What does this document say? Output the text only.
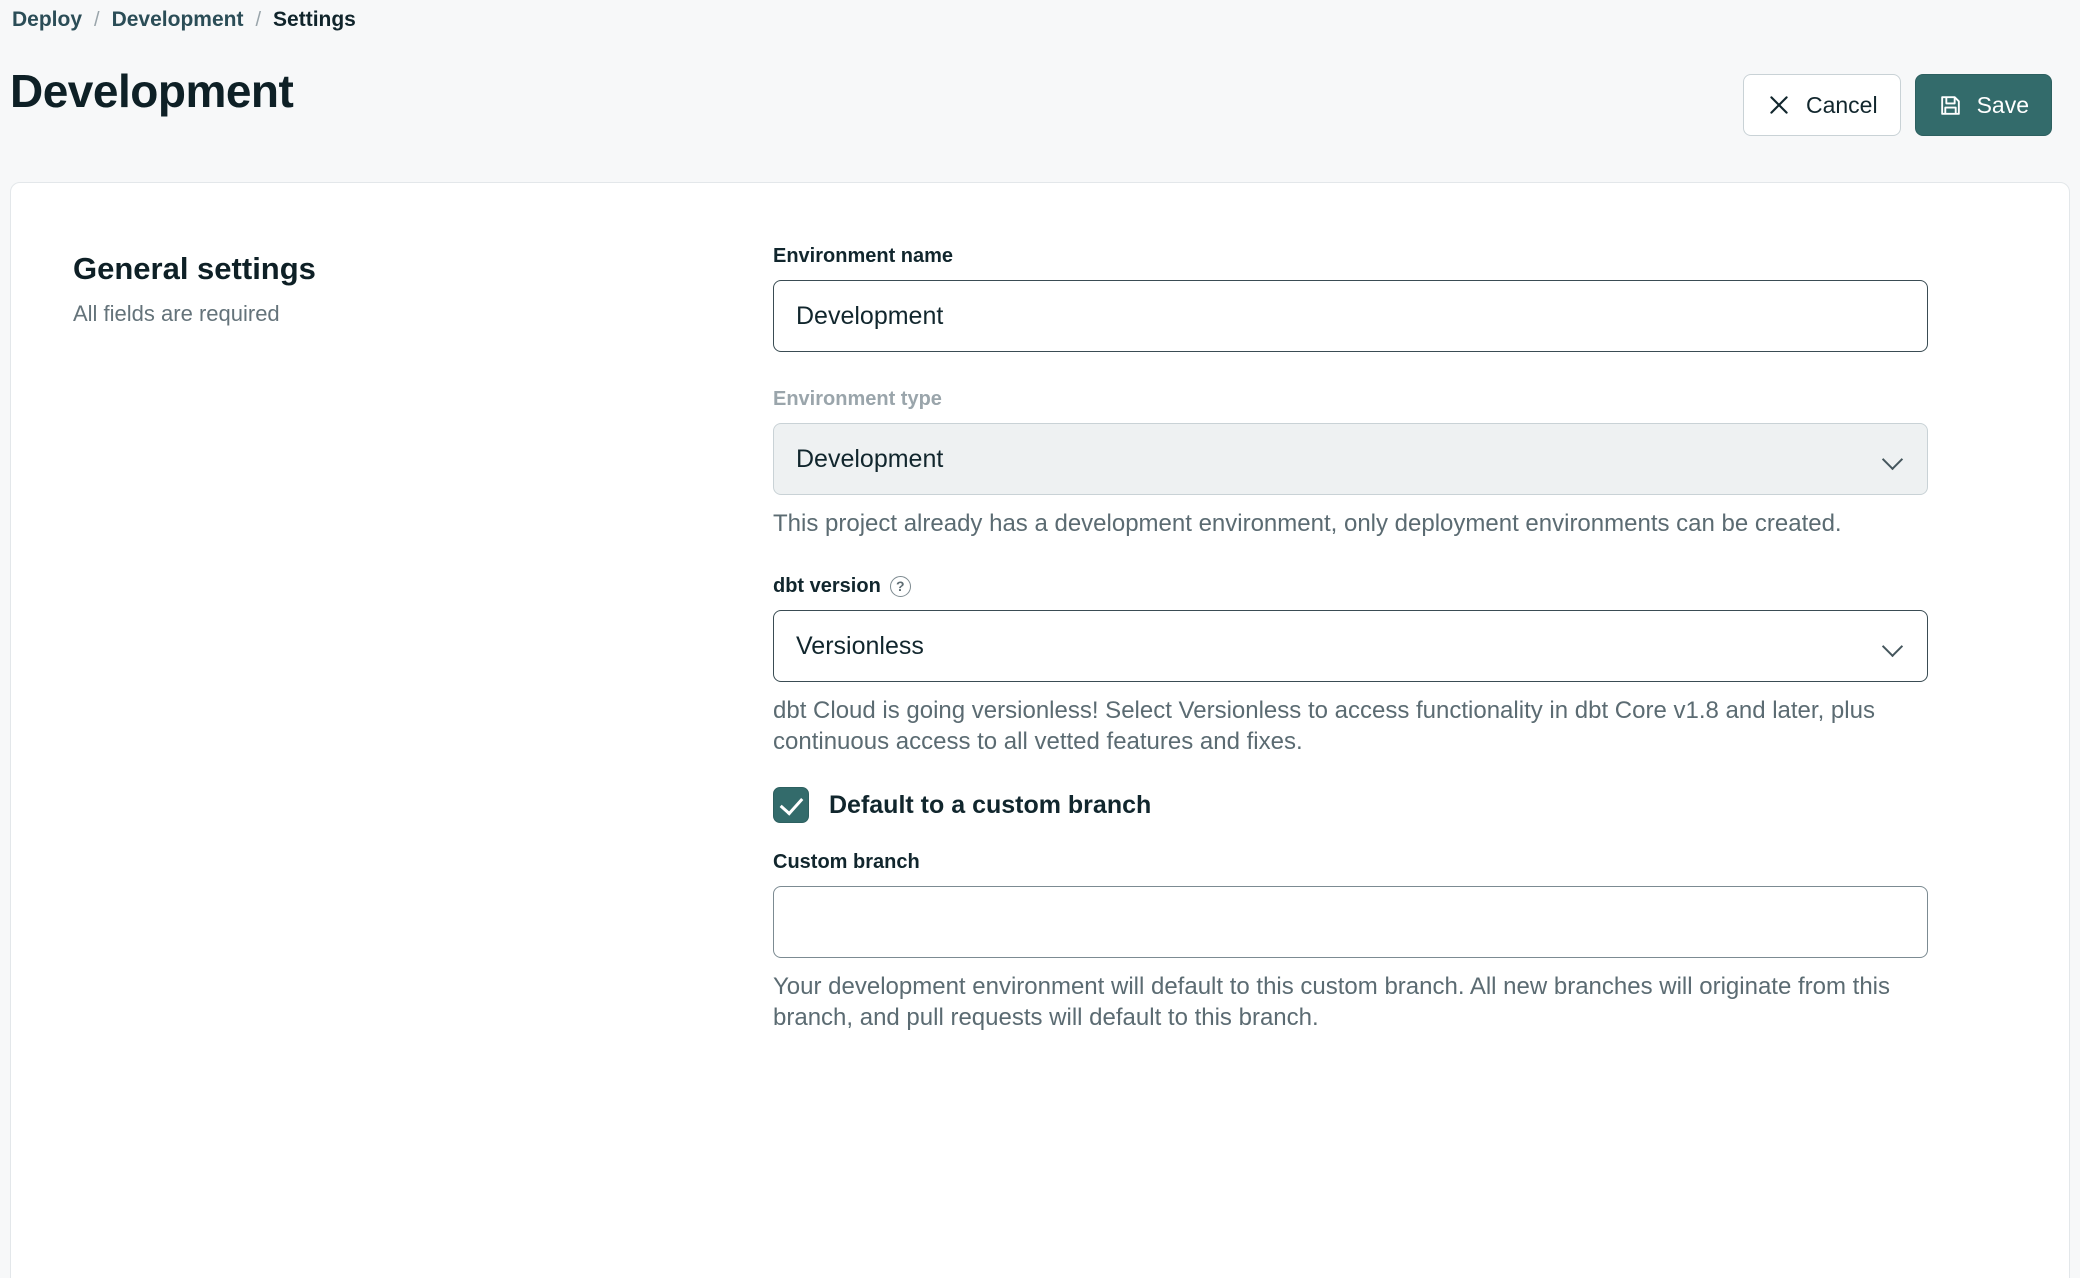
Deploy / Development / Settings
Development	Cancel	Save
General settings
All fields are required
Environment name
Development
Environment type
Development
This project already has a development environment, only deployment environments can be created.
dbt version	?
Versionless
dbt Cloud is going versionless! Select Versionless to access functionality in dbt Core v1.8 and later, plus continuous access to all vetted features and fixes.
Default to a custom branch
Custom branch
Your development environment will default to this custom branch. All new branches will originate from this branch, and pull requests will default to this branch.
